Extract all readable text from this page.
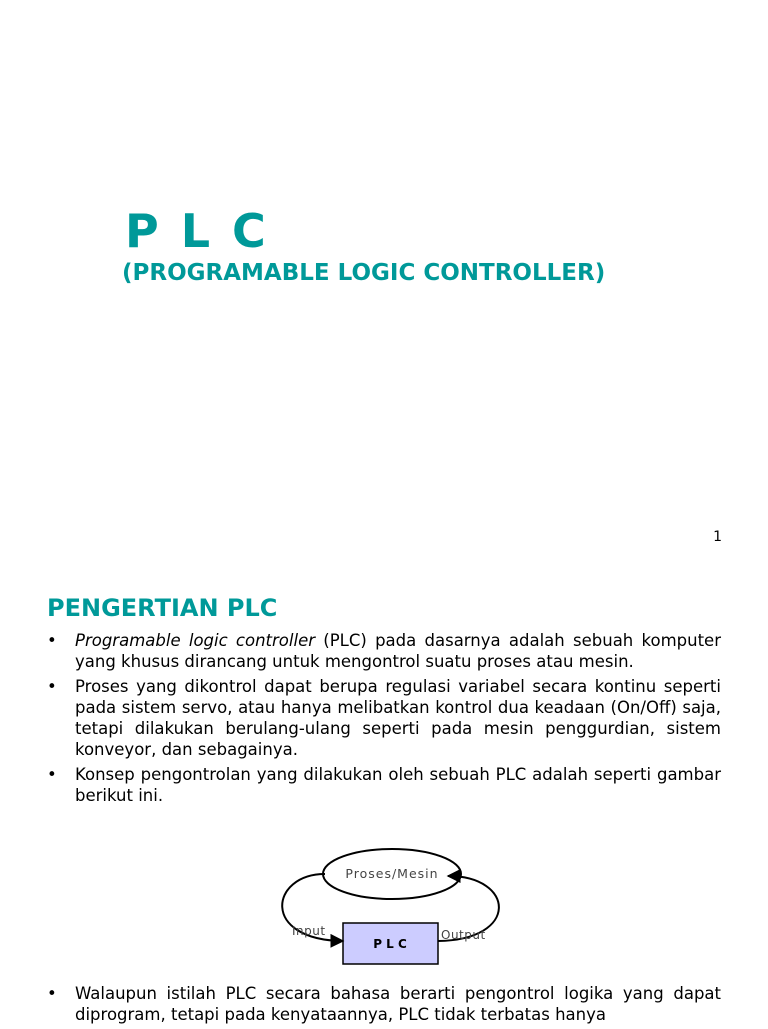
P L C
(PROGRAMABLE LOGIC CONTROLLER)
1
PENGERTIAN PLC
• Programable logic controller (PLC) pada dasarnya adalah sebuah komputer yang khusus dirancang untuk mengontrol suatu proses atau mesin.
• Proses yang dikontrol dapat berupa regulasi variabel secara kontinu seperti pada sistem servo, atau hanya melibatkan kontrol dua keadaan (On/Off) saja, tetapi dilakukan berulang-ulang seperti pada mesin penggurdian, sistem konveyor, dan sebagainya.
• Konsep pengontrolan yang dilakukan oleh sebuah PLC adalah seperti gambar berikut ini.
Proses/Mesin
P L C
Input	Output
• Walaupun istilah PLC secara bahasa berarti pengontrol logika yang dapat diprogram, tetapi pada kenyataannya, PLC tidak terbatas hanya
